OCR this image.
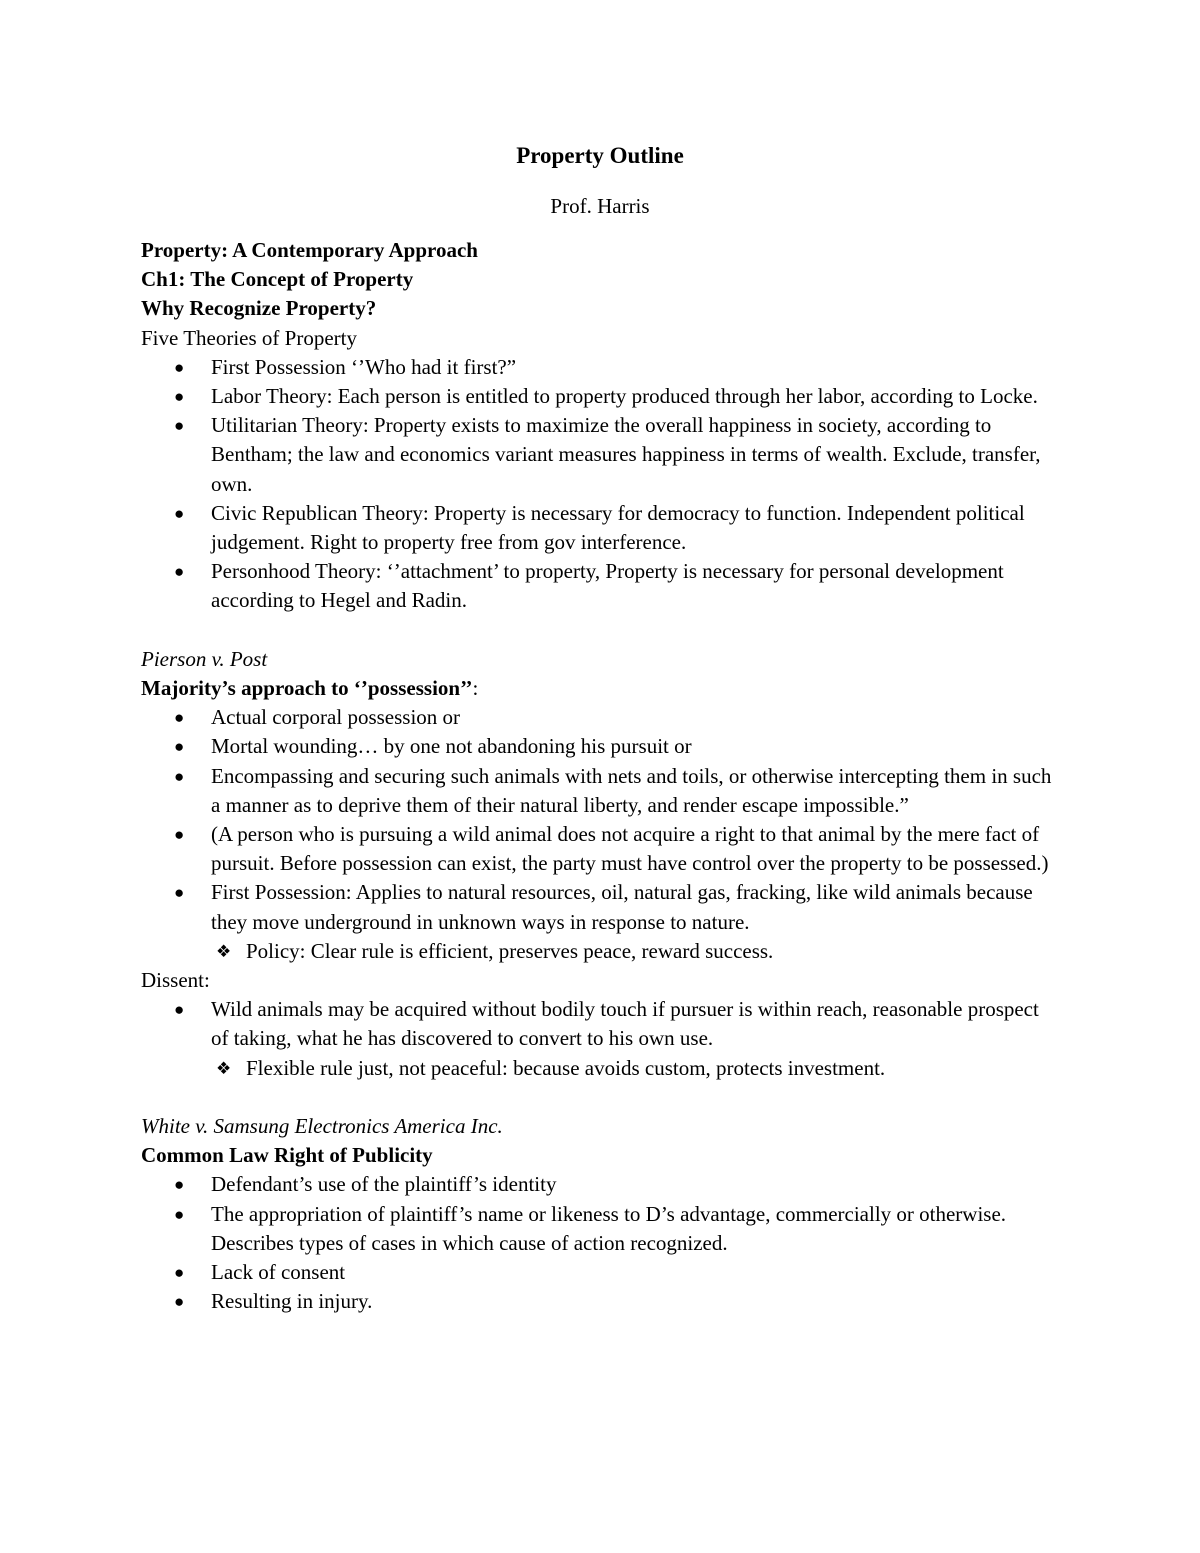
Property Outline
Prof. Harris

Property: A Contemporary Approach

Ch1: The Concept of Property

Why Recognize Property?

Five Theories of Property

● First Possession ‘’Who had it first?”
● Labor Theory: Each person is entitled to property produced through her labor, according to Locke.
● Utilitarian Theory: Property exists to maximize the overall happiness in society, according to Bentham; the law and economics variant measures happiness in terms of wealth. Exclude, transfer, own.
● Civic Republican Theory: Property is necessary for democracy to function. Independent political judgement. Right to property free from gov interference.
● Personhood Theory: ‘’attachment’ to property, Property is necessary for personal development according to Hegel and Radin.

Pierson v. Post

Majority’s approach to ‘’possession’’:

● Actual corporal possession or
● Mortal wounding… by one not abandoning his pursuit or
● Encompassing and securing such animals with nets and toils, or otherwise intercepting them in such a manner as to deprive them of their natural liberty, and render escape impossible.”
● (A person who is pursuing a wild animal does not acquire a right to that animal by the mere fact of pursuit. Before possession can exist, the party must have control over the property to be possessed.)
● First Possession: Applies to natural resources, oil, natural gas, fracking, like wild animals because they move underground in unknown ways in response to nature.
❖ Policy: Clear rule is efficient, preserves peace, reward success.

Dissent:

● Wild animals may be acquired without bodily touch if pursuer is within reach, reasonable prospect of taking, what he has discovered to convert to his own use.
❖ Flexible rule just, not peaceful: because avoids custom, protects investment.

White v. Samsung Electronics America Inc.

Common Law Right of Publicity

● Defendant’s use of the plaintiff’s identity
● The appropriation of plaintiff’s name or likeness to D’s advantage, commercially or otherwise. Describes types of cases in which cause of action recognized.
● Lack of consent
● Resulting in injury.
